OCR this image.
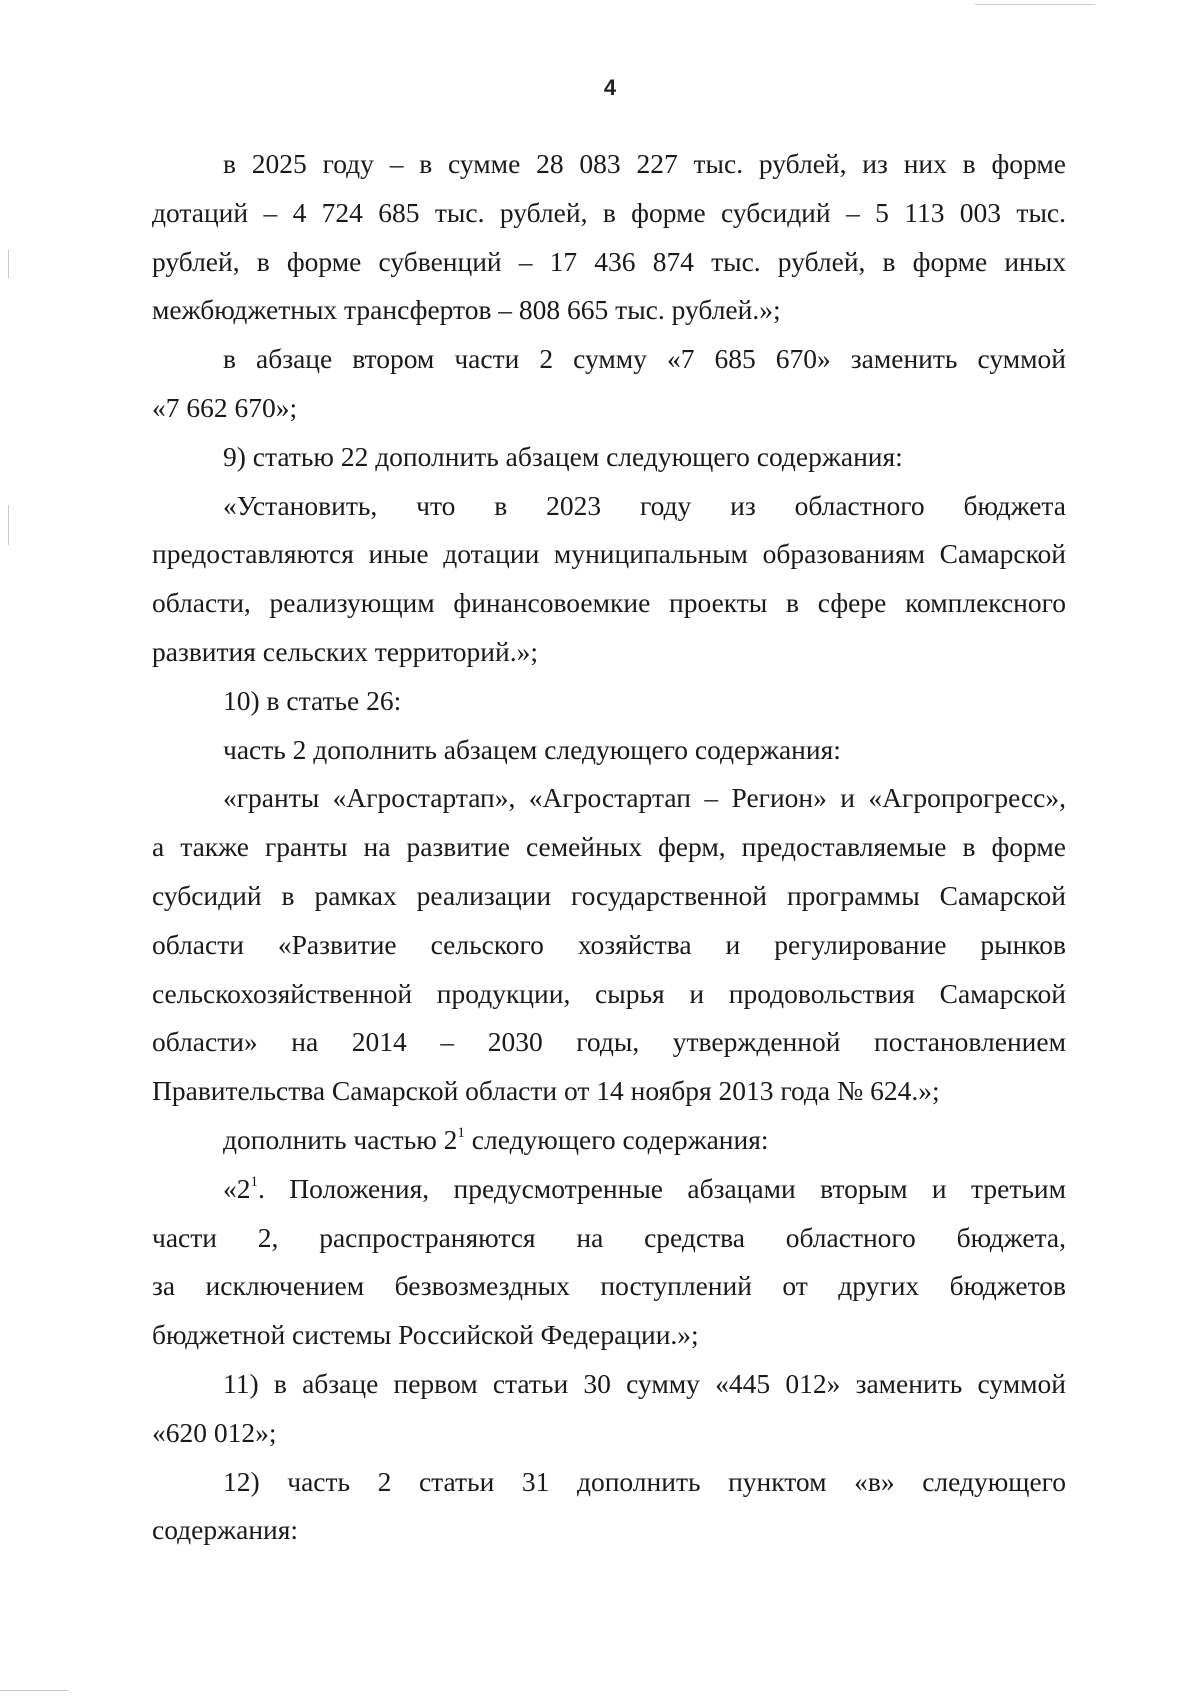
4
в 2025 году – в сумме 28 083 227 тыс. рублей, из них в форме
дотаций – 4 724 685 тыс. рублей, в форме субсидий – 5 113 003 тыс.
рублей, в форме субвенций – 17 436 874 тыс. рублей, в форме иных
межбюджетных трансфертов – 808 665 тыс. рублей.»;
в абзаце втором части 2 сумму «7 685 670» заменить суммой
«7 662 670»;
9) статью 22 дополнить абзацем следующего содержания:
«Установить, что в 2023 году из областного бюджета
предоставляются иные дотации муниципальным образованиям Самарской
области, реализующим финансовоемкие проекты в сфере комплексного
развития сельских территорий.»;
10) в статье 26:
часть 2 дополнить абзацем следующего содержания:
«гранты «Агростартап», «Агростартап – Регион» и «Агропрогресс»,
а также гранты на развитие семейных ферм, предоставляемые в форме
субсидий в рамках реализации государственной программы Самарской
области «Развитие сельского хозяйства и регулирование рынков
сельскохозяйственной продукции, сырья и продовольствия Самарской
области» на 2014 – 2030 годы, утвержденной постановлением
Правительства Самарской области от 14 ноября 2013 года № 624.»;
дополнить частью $2^1$ следующего содержания:
«$2^1$. Положения, предусмотренные абзацами вторым и третьим
части 2, распространяются на средства областного бюджета,
за исключением безвозмездных поступлений от других бюджетов
бюджетной системы Российской Федерации.»;
11) в абзаце первом статьи 30 сумму «445 012» заменить суммой
«620 012»;
12) часть 2 статьи 31 дополнить пунктом «в» следующего
содержания:
